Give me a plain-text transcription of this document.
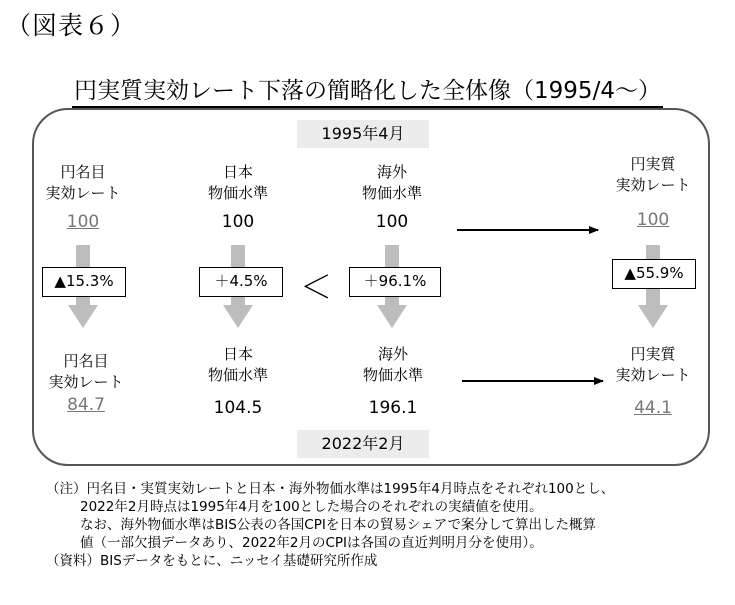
（図表６）
円実質実効レート下落の簡略化した全体像（1995/4～）
1995年4月
2022年2月
円名目
実効レート
100
▲15.3%
円名目
実効レート
84.7
日本
物価水準
100
＋4.5%
日本
物価水準
104.5
＜
海外
物価水準
100
＋96.1%
海外
物価水準
196.1
円実質
実効レート
100
▲55.9%
円実質
実効レート
44.1
（注）円名目・実質実効レートと日本・海外物価水準は1995年4月時点をそれぞれ100とし、
2022年2月時点は1995年4月を100とした場合のそれぞれの実績値を使用。
なお、海外物価水準はBIS公表の各国CPIを日本の貿易シェアで案分して算出した概算
値（一部欠損データあり、2022年2月のCPIは各国の直近判明月分を使用）。
（資料）BISデータをもとに、ニッセイ基礎研究所作成
